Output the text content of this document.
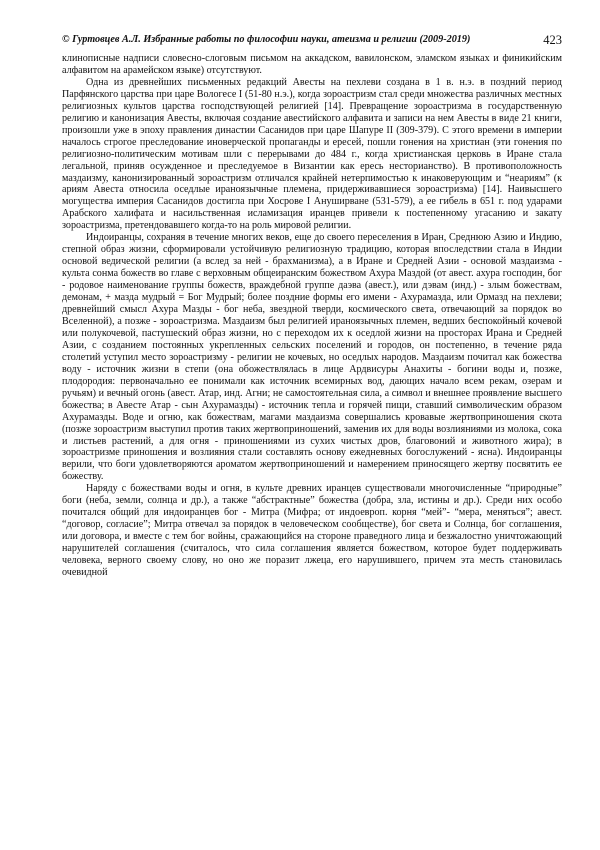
© Гуртовцев А.Л. Избранные работы по философии науки, атеизма и религии (2009-2019)	423

клинописные надписи словесно-слоговым письмом на аккадском, вавилонском, эламском языках и финикийским алфавитом на арамейском языке) отсутствуют.

Одна из древнейших письменных редакций Авесты на пехлеви создана в 1 в. н.э. в поздний период Парфянского царства при царе Вологесе I (51-80 н.э.), когда зороастризм стал среди множества различных местных религиозных культов царства господствующей религией [14]. Превращение зороастризма в государственную религию и канонизация Авесты, включая создание авестийского алфавита и записи на нем Авесты в виде 21 книги, произошли уже в эпоху правления династии Сасанидов при царе Шапуре II (309-379). С этого времени в империи началось строгое преследование иноверческой пропаганды и ересей, пошли гонения на христиан (эти гонения по религиозно-политическим мотивам шли с перерывами до 484 г., когда христианская церковь в Иране стала легальной, приняв осужденное и преследуемое в Византии как ересь несторианство). В противоположность маздаизму, канонизированный зороастризм отличался крайней нетерпимостью к инаковерующим и “неариям” (к ариям Авеста относила оседлые ираноязычные племена, придерживавшиеся зороастризма) [14]. Наивысшего могущества империя Сасанидов достигла при Хосрове I Ануширване (531-579), а ее гибель в 651 г. под ударами Арабского халифата и насильственная исламизация иранцев привели к постепенному угасанию и закату зороастризма, претендовавшего когда-то на роль мировой религии.

Индоиранцы, сохраняя в течение многих веков, еще до своего переселения в Иран, Среднюю Азию и Индию, степной образ жизни, сформировали устойчивую религиозную традицию, которая впоследствии стала в Индии основой ведической религии (а вслед за ней - брахманизма), а в Иране и Средней Азии - основой маздаизма - культа сонма божеств во главе с верховным общеиранским божеством Ахура Маздой (от авест. ахура господин, бог - родовое наименование группы божеств, враждебной группе даэва (авест.), или дэвам (инд.) - злым божествам, демонам, + мазда мудрый = Бог Мудрый; более поздние формы его имени - Ахурамазда, или Ормазд на пехлеви; древнейший смысл Ахура Мазды - бог неба, звездной тверди, космического света, отвечающий за порядок во Вселенной), а позже - зороастризма. Маздаизм был религией ираноязычных племен, ведших беспокойный кочевой или полукочевой, пастушеский образ жизни, но с переходом их к оседлой жизни на просторах Ирана и Средней Азии, с созданием постоянных укрепленных сельских поселений и городов, он постепенно, в течение ряда столетий уступил место зороастризму - религии не кочевых, но оседлых народов. Маздаизм почитал как божества воду - источник жизни в степи (она обожествлялась в лице Ардвисуры Анахиты - богини воды и, позже, плодородия: первоначально ее понимали как источник всемирных вод, дающих начало всем рекам, озерам и ручьям) и вечный огонь (авест. Атар, инд. Агни; не самостоятельная сила, а символ и внешнее проявление высшего божества; в Авесте Атар - сын Ахурамазды) - источник тепла и горячей пищи, ставший символическим образом Ахурамазды. Воде и огню, как божествам, магами маздаизма совершались кровавые жертвоприношения скота (позже зороастризм выступил против таких жертвоприношений, заменив их для воды возлияниями из молока, сока и листьев растений, а для огня - приношениями из сухих чистых дров, благовоний и животного жира); в зороастризме приношения и возлияния стали составлять основу ежедневных богослужений - ясна). Индоиранцы верили, что боги удовлетворяются ароматом жертвоприношений и намерением приносящего жертву посвятить ее божеству.

Наряду с божествами воды и огня, в культе древних иранцев существовали многочисленные “природные” боги (неба, земли, солнца и др.), а также “абстрактные” божества (добра, зла, истины и др.). Среди них особо почитался общий для индоиранцев бог - Митра (Мифра; от индоевроп. корня “мей”- “мера, меняться”; авест. “договор, согласие”; Митра отвечал за порядок в человеческом сообществе), бог света и Солнца, бог соглашения, или договора, и вместе с тем бог войны, сражающийся на стороне праведного лица и безжалостно уничтожающий нарушителей соглашения (считалось, что сила соглашения является божеством, которое будет поддерживать человека, верного своему слову, но оно же поразит лжеца, его нарушившего, причем эта месть становилась очевидной
